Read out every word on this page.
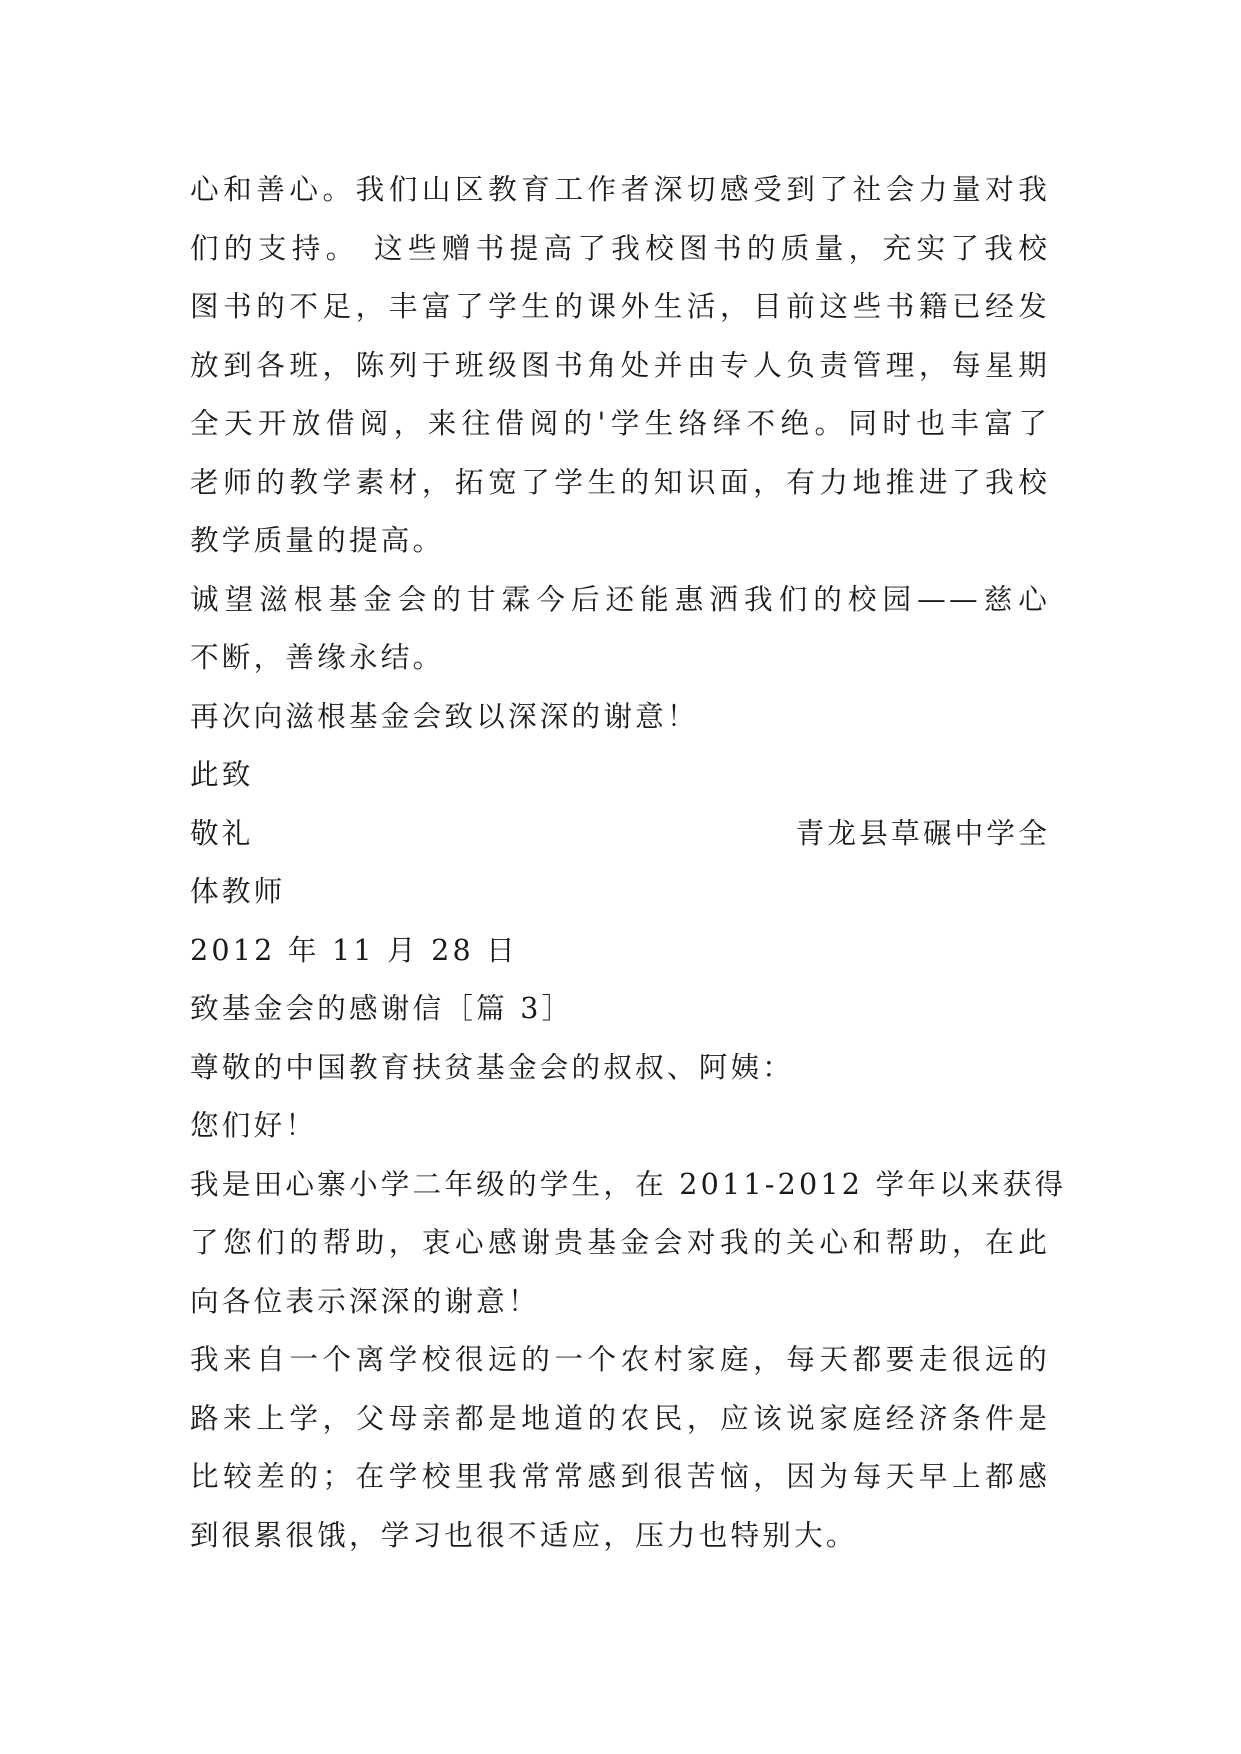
心和善心。我们山区教育工作者深切感受到了社会力量对我
们的支持。 这些赠书提高了我校图书的质量，充实了我校
图书的不足，丰富了学生的课外生活，目前这些书籍已经发
放到各班，陈列于班级图书角处并由专人负责管理，每星期
全天开放借阅，来往借阅的'学生络绎不绝。同时也丰富了
老师的教学素材，拓宽了学生的知识面，有力地推进了我校
教学质量的提高。
诚望滋根基金会的甘霖今后还能惠洒我们的校园——慈心
不断，善缘永结。
再次向滋根基金会致以深深的谢意！
此致
敬礼	青龙县草碾中学全
体教师
2012 年 11 月 28 日
致基金会的感谢信［篇 3］
尊敬的中国教育扶贫基金会的叔叔、阿姨：
您们好！
我是田心寨小学二年级的学生，在 2011-2012 学年以来获得
了您们的帮助，衷心感谢贵基金会对我的关心和帮助，在此
向各位表示深深的谢意！
我来自一个离学校很远的一个农村家庭，每天都要走很远的
路来上学，父母亲都是地道的农民，应该说家庭经济条件是
比较差的；在学校里我常常感到很苦恼，因为每天早上都感
到很累很饿，学习也很不适应，压力也特别大。
